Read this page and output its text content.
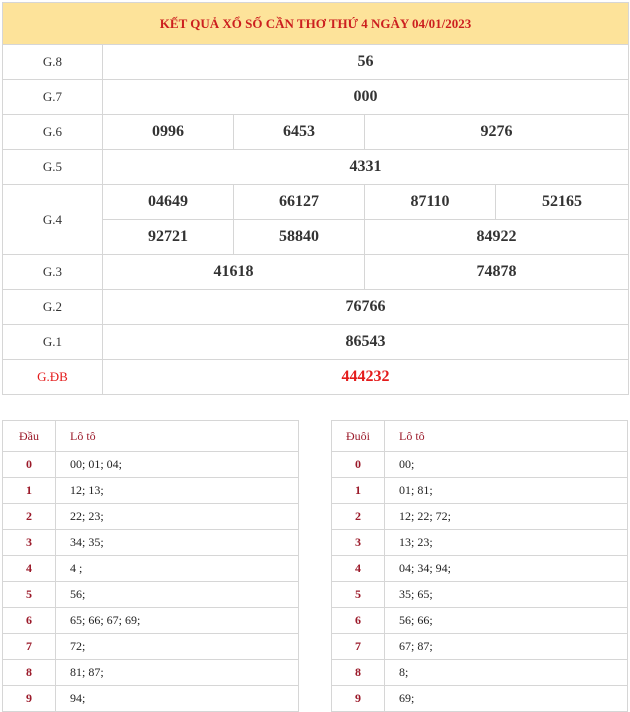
KẾT QUẢ XỔ SỐ CẦN THƠ THỨ 4 NGÀY 04/01/2023				
G.8	56			
G.7	000			
G.6	0996	6453	9276	
G.5	4331			
G.4	04649	66127	87110	52165
	92721	58840	84922	
G.3	41618		74878	
G.2	76766			
G.1	86543			
G.ĐB	444232			
Đầu	Lô tô
0	00; 01; 04;
1	12; 13;
2	22; 23;
3	34; 35;
4	4 ;
5	56;
6	65; 66; 67; 69;
7	72;
8	81; 87;
9	94;
Đuôi	Lô tô
0	00;
1	01; 81;
2	12; 22; 72;
3	13; 23;
4	04; 34; 94;
5	35; 65;
6	56; 66;
7	67; 87;
8	8;
9	69;
